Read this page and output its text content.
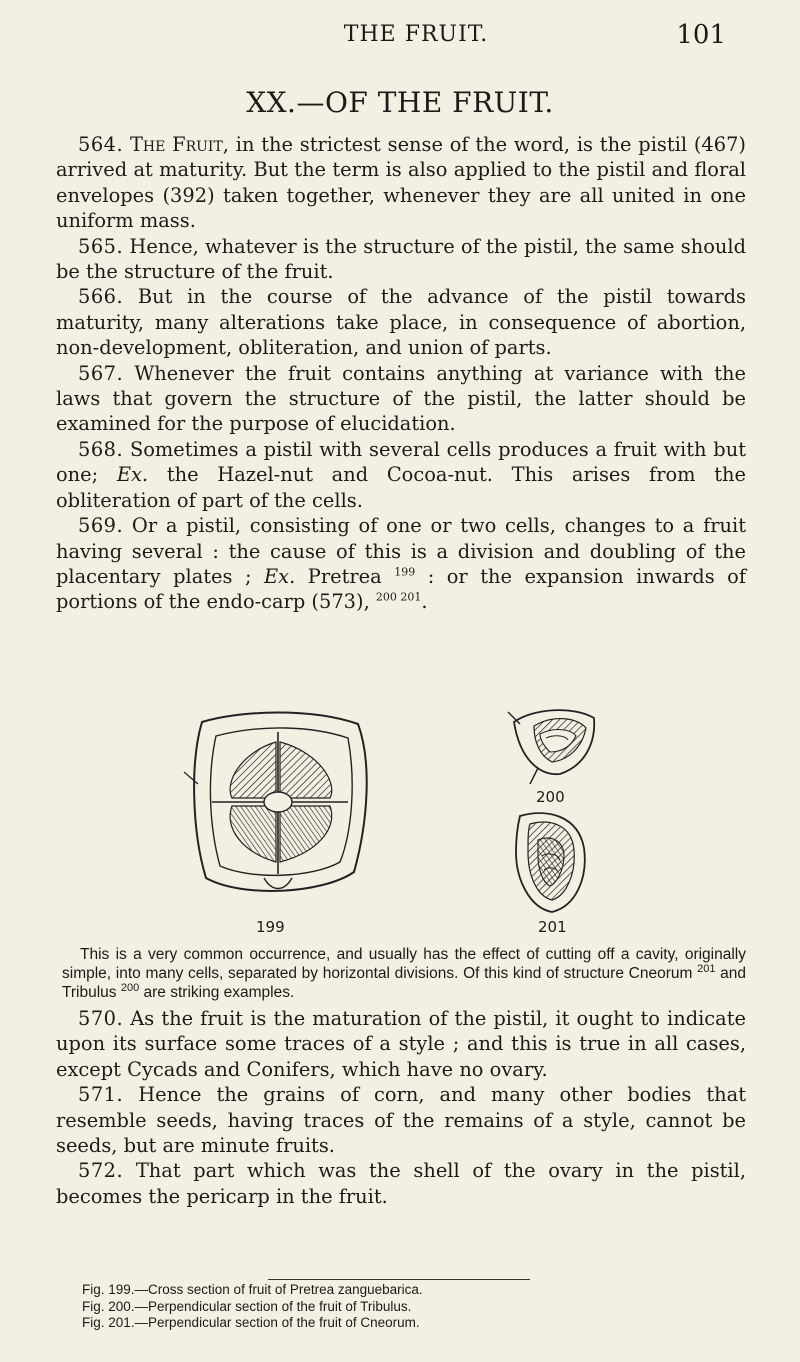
THE FRUIT.	101
XX.—OF THE FRUIT.

564. The Fruit, in the strictest sense of the word, is the pistil (467) arrived at maturity. But the term is also applied to the pistil and floral envelopes (392) taken together, whenever they are all united in one uniform mass.

565. Hence, whatever is the structure of the pistil, the same should be the structure of the fruit.

566. But in the course of the advance of the pistil towards maturity, many alterations take place, in consequence of abortion, non-development, obliteration, and union of parts.

567. Whenever the fruit contains anything at variance with the laws that govern the structure of the pistil, the latter should be examined for the purpose of elucidation.

568. Sometimes a pistil with several cells produces a fruit with but one; Ex. the Hazel-nut and Cocoa-nut. This arises from the obliteration of part of the cells.

569. Or a pistil, consisting of one or two cells, changes to a fruit having several : the cause of this is a division and doubling of the placentary plates ; Ex. Pretrea $^{199}$ : or the expansion inwards of portions of the endo-carp (573), $^{200 201}$.

199
200
201
This is a very common occurrence, and usually has the effect of cutting off a cavity, originally simple, into many cells, separated by horizontal divisions. Of this kind of structure Cneorum $^{201}$ and Tribulus $^{200}$ are striking examples.

570. As the fruit is the maturation of the pistil, it ought to indicate upon its surface some traces of a style ; and this is true in all cases, except Cycads and Conifers, which have no ovary.

571. Hence the grains of corn, and many other bodies that resemble seeds, having traces of the remains of a style, cannot be seeds, but are minute fruits.

572. That part which was the shell of the ovary in the pistil, becomes the pericarp in the fruit.

Fig. 199.—Cross section of fruit of Pretrea zanguebarica.
Fig. 200.—Perpendicular section of the fruit of Tribulus.
Fig. 201.—Perpendicular section of the fruit of Cneorum.
